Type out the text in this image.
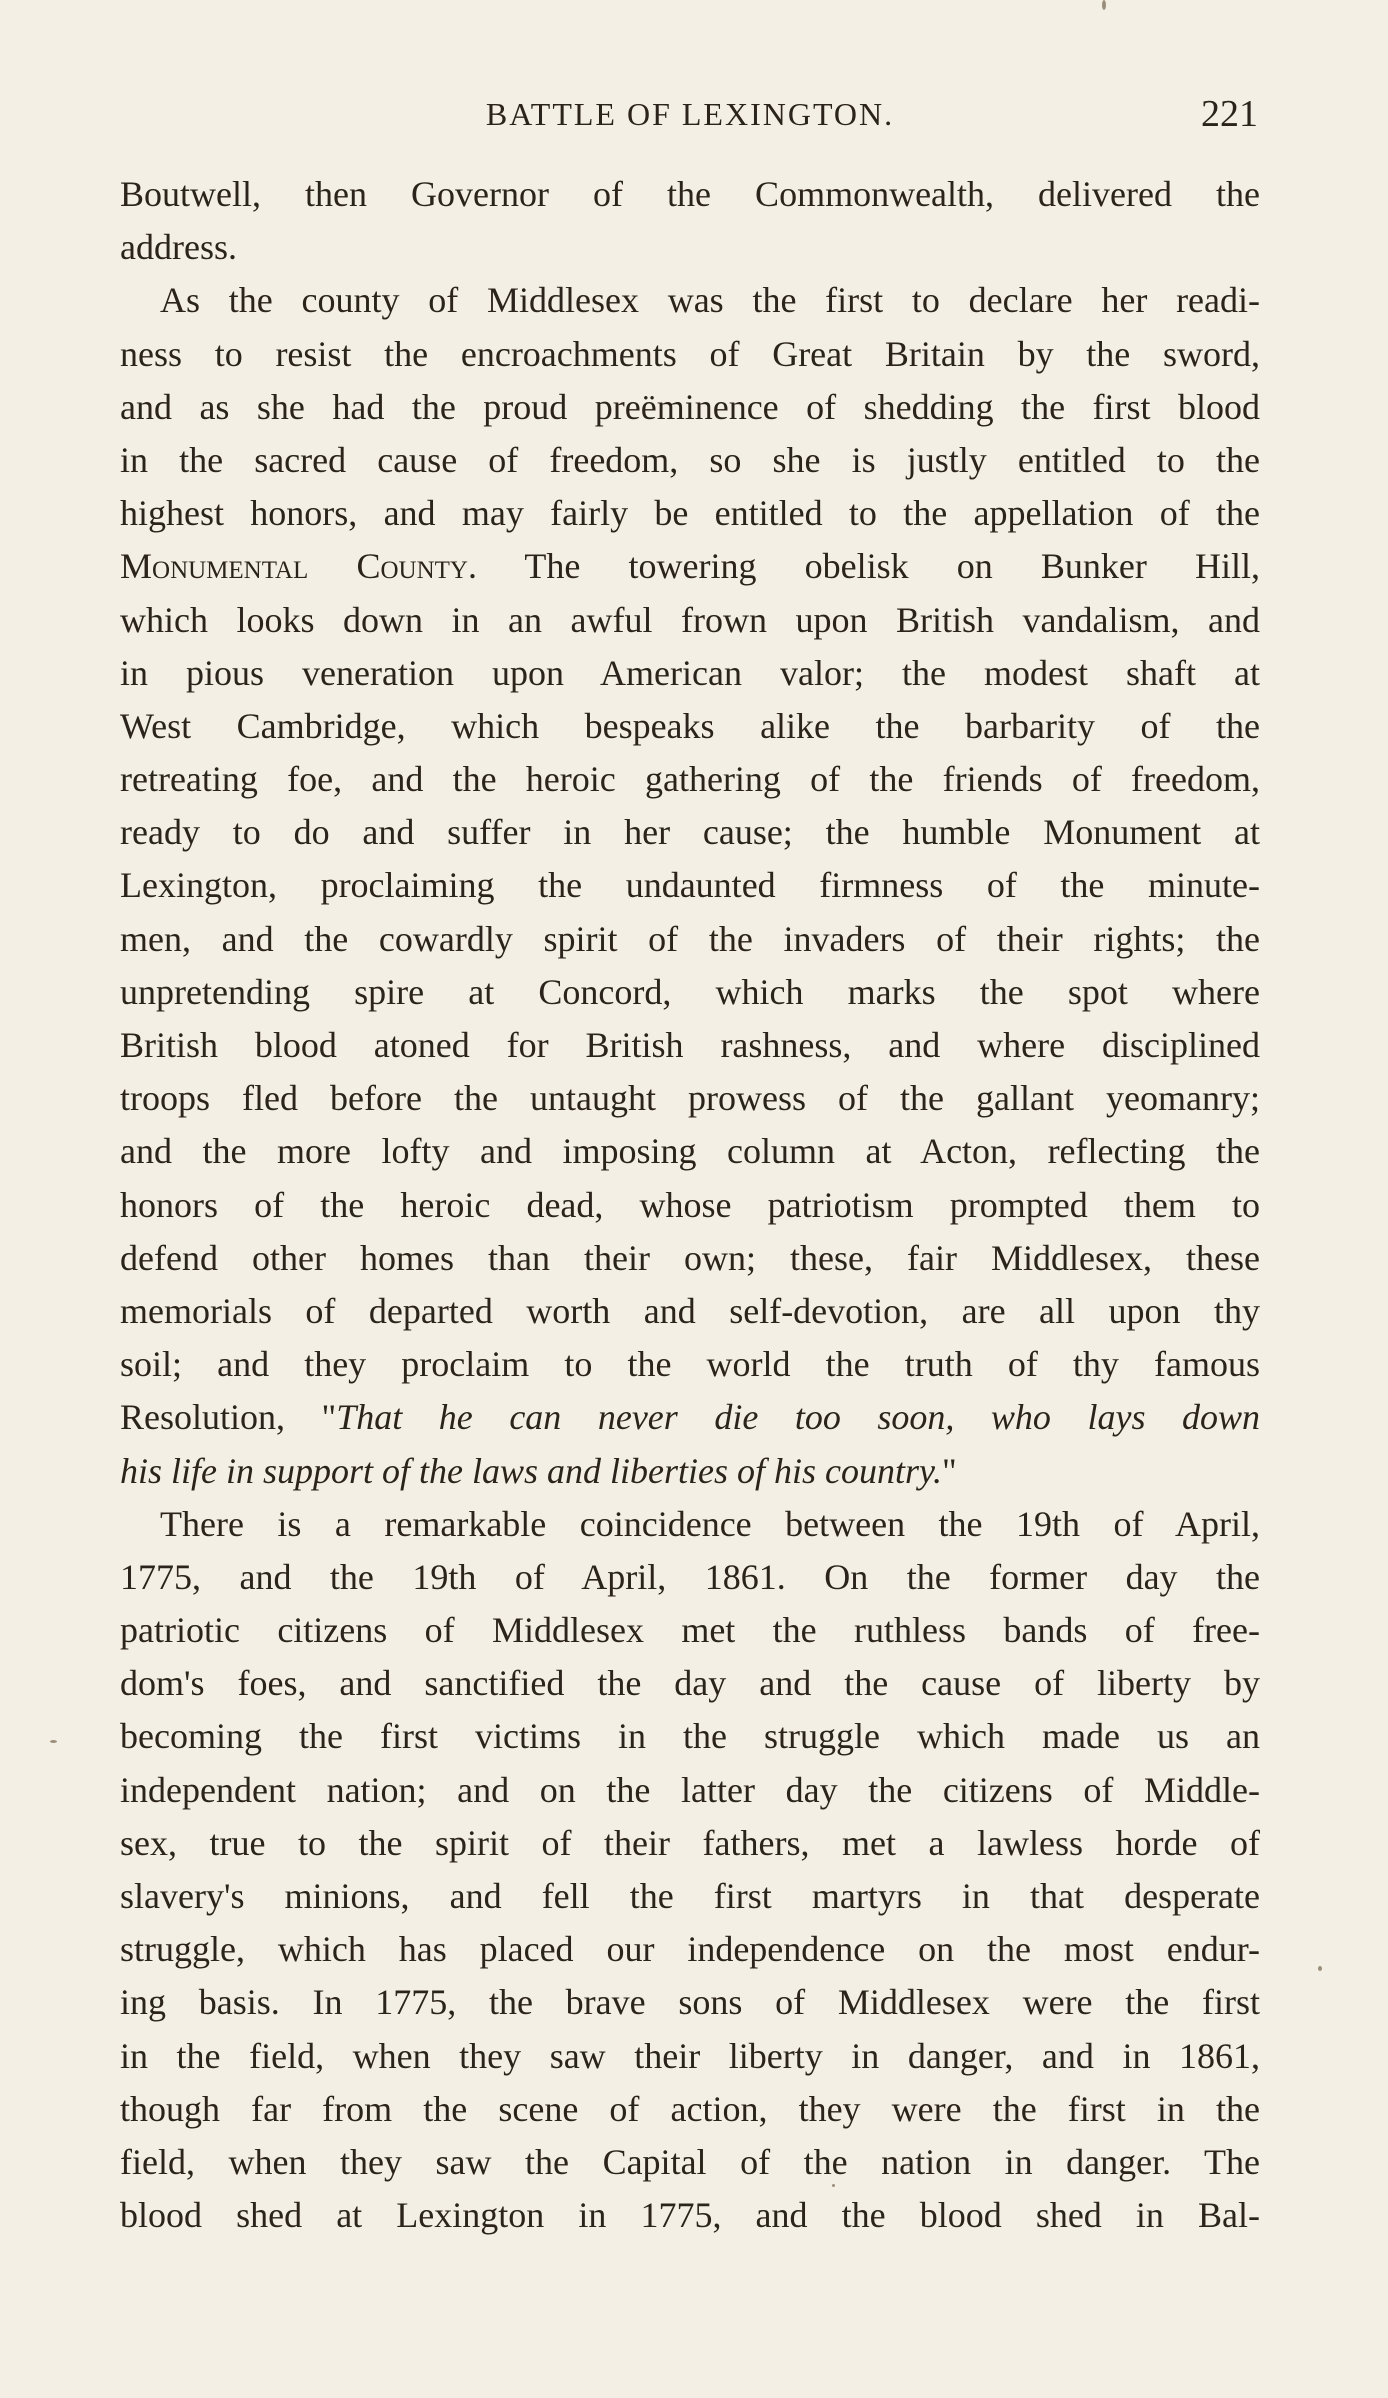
BATTLE OF LEXINGTON.	221
Boutwell, then Governor of the Commonwealth, delivered the
address.
As the county of Middlesex was the first to declare her readi-
ness to resist the encroachments of Great Britain by the sword,
and as she had the proud preëminence of shedding the first blood
in the sacred cause of freedom, so she is justly entitled to the
highest honors, and may fairly be entitled to the appellation of the
Monumental County. The towering obelisk on Bunker Hill,
which looks down in an awful frown upon British vandalism, and
in pious veneration upon American valor; the modest shaft at
West Cambridge, which bespeaks alike the barbarity of the
retreating foe, and the heroic gathering of the friends of freedom,
ready to do and suffer in her cause; the humble Monument at
Lexington, proclaiming the undaunted firmness of the minute-
men, and the cowardly spirit of the invaders of their rights; the
unpretending spire at Concord, which marks the spot where
British blood atoned for British rashness, and where disciplined
troops fled before the untaught prowess of the gallant yeomanry;
and the more lofty and imposing column at Acton, reflecting the
honors of the heroic dead, whose patriotism prompted them to
defend other homes than their own; these, fair Middlesex, these
memorials of departed worth and self-devotion, are all upon thy
soil; and they proclaim to the world the truth of thy famous
Resolution, "That he can never die too soon, who lays down
his life in support of the laws and liberties of his country."
There is a remarkable coincidence between the 19th of April,
1775, and the 19th of April, 1861. On the former day the
patriotic citizens of Middlesex met the ruthless bands of free-
dom's foes, and sanctified the day and the cause of liberty by
becoming the first victims in the struggle which made us an
independent nation; and on the latter day the citizens of Middle-
sex, true to the spirit of their fathers, met a lawless horde of
slavery's minions, and fell the first martyrs in that desperate
struggle, which has placed our independence on the most endur-
ing basis. In 1775, the brave sons of Middlesex were the first
in the field, when they saw their liberty in danger, and in 1861,
though far from the scene of action, they were the first in the
field, when they saw the Capital of the nation in danger. The
blood shed at Lexington in 1775, and the blood shed in Bal-
